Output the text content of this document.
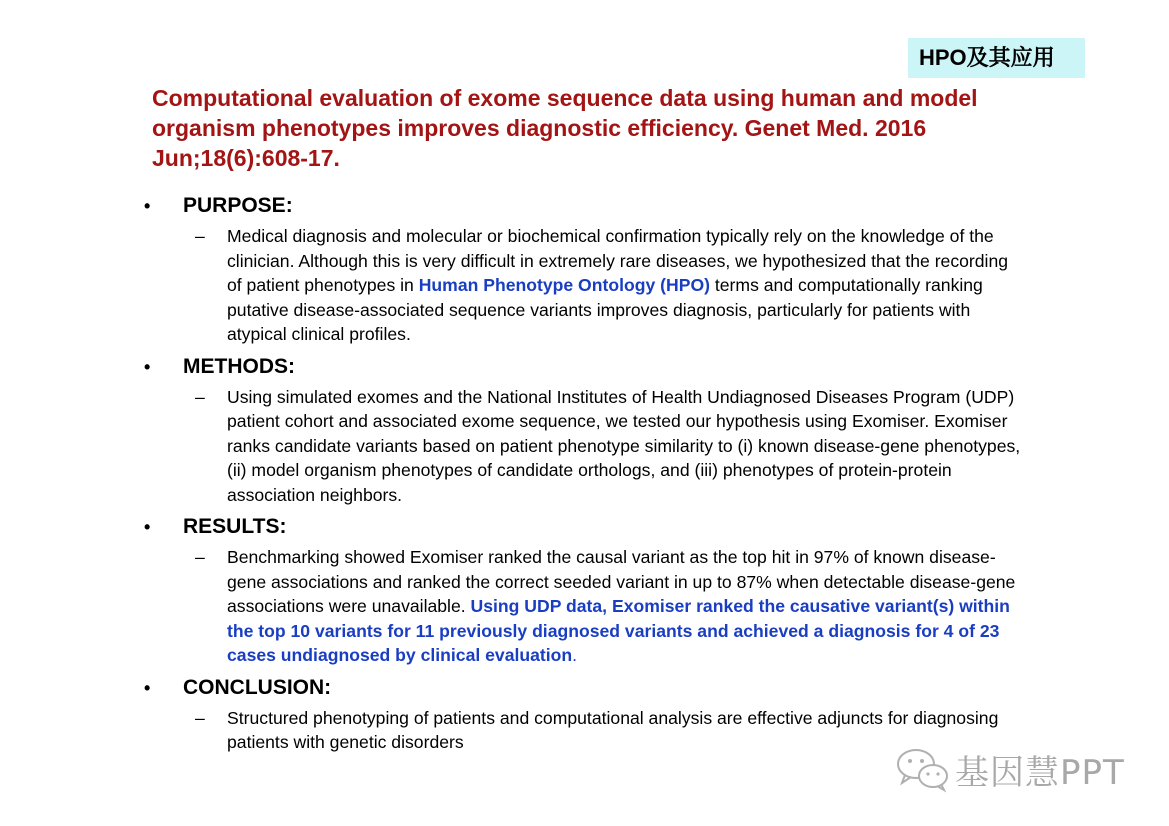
HPO及其应用
Computational evaluation of exome sequence data using human and model organism phenotypes improves diagnostic efficiency. Genet Med. 2016 Jun;18(6):608-17.
• PURPOSE:
– Medical diagnosis and molecular or biochemical confirmation typically rely on the knowledge of the clinician. Although this is very difficult in extremely rare diseases, we hypothesized that the recording of patient phenotypes in Human Phenotype Ontology (HPO) terms and computationally ranking putative disease-associated sequence variants improves diagnosis, particularly for patients with atypical clinical profiles.
• METHODS:
– Using simulated exomes and the National Institutes of Health Undiagnosed Diseases Program (UDP) patient cohort and associated exome sequence, we tested our hypothesis using Exomiser. Exomiser ranks candidate variants based on patient phenotype similarity to (i) known disease-gene phenotypes, (ii) model organism phenotypes of candidate orthologs, and (iii) phenotypes of protein-protein association neighbors.
• RESULTS:
– Benchmarking showed Exomiser ranked the causal variant as the top hit in 97% of known disease-gene associations and ranked the correct seeded variant in up to 87% when detectable disease-gene associations were unavailable. Using UDP data, Exomiser ranked the causative variant(s) within the top 10 variants for 11 previously diagnosed variants and achieved a diagnosis for 4 of 23 cases undiagnosed by clinical evaluation.
• CONCLUSION:
– Structured phenotyping of patients and computational analysis are effective adjuncts for diagnosing patients with genetic disorders
基因慧PPT
